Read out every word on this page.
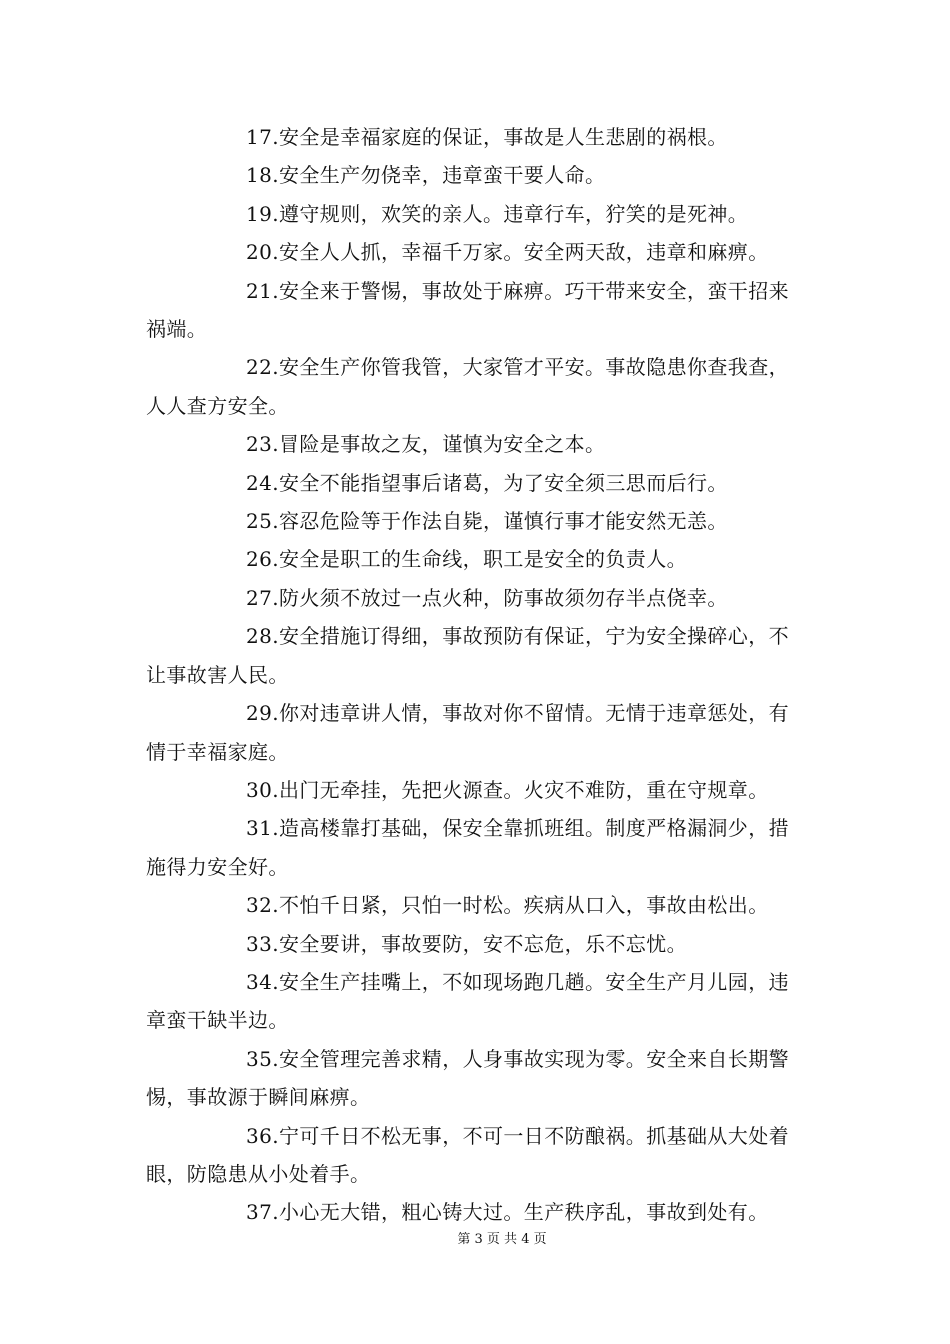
17.安全是幸福家庭的保证，事故是人生悲剧的祸根。

18.安全生产勿侥幸，违章蛮干要人命。

19.遵守规则，欢笑的亲人。违章行车，狞笑的是死神。

20.安全人人抓，幸福千万家。安全两天敌，违章和麻痹。

21.安全来于警惕，事故处于麻痹。巧干带来安全，蛮干招来祸端。

22.安全生产你管我管，大家管才平安。事故隐患你查我查，人人查方安全。

23.冒险是事故之友，谨慎为安全之本。

24.安全不能指望事后诸葛，为了安全须三思而后行。

25.容忍危险等于作法自毙，谨慎行事才能安然无恙。

26.安全是职工的生命线，职工是安全的负责人。

27.防火须不放过一点火种，防事故须勿存半点侥幸。

28.安全措施订得细，事故预防有保证，宁为安全操碎心，不让事故害人民。

29.你对违章讲人情，事故对你不留情。无情于违章惩处，有情于幸福家庭。

30.出门无牵挂，先把火源查。火灾不难防，重在守规章。

31.造高楼靠打基础，保安全靠抓班组。制度严格漏洞少，措施得力安全好。

32.不怕千日紧，只怕一时松。疾病从口入，事故由松出。

33.安全要讲，事故要防，安不忘危，乐不忘忧。

34.安全生产挂嘴上，不如现场跑几趟。安全生产月儿园，违章蛮干缺半边。

35.安全管理完善求精，人身事故实现为零。安全来自长期警惕，事故源于瞬间麻痹。

36.宁可千日不松无事，不可一日不防酿祸。抓基础从大处着眼，防隐患从小处着手。

37.小心无大错，粗心铸大过。生产秩序乱，事故到处有。

第 3 页 共 4 页
